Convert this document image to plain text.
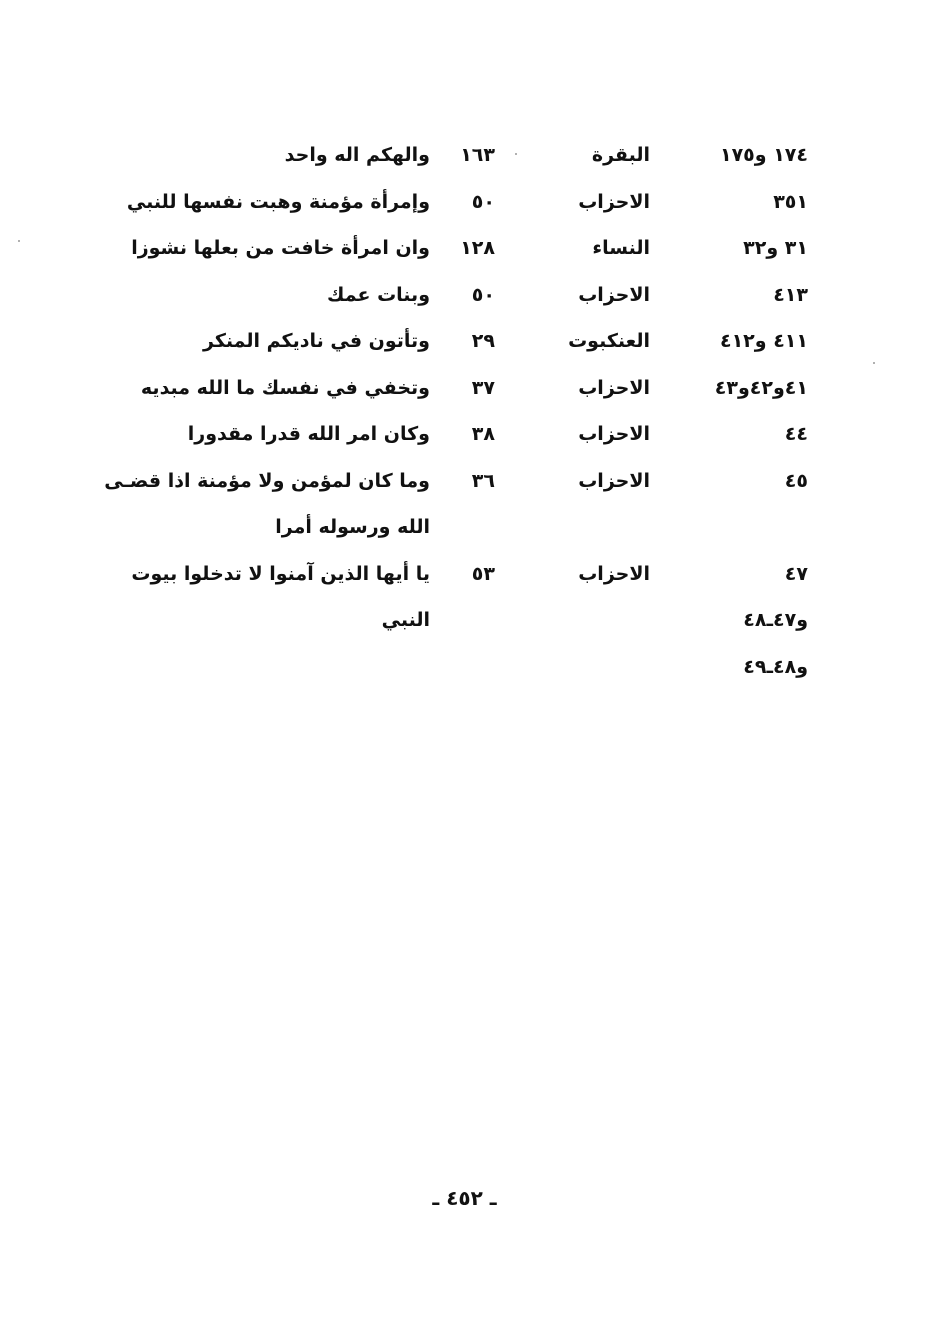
١٧٤ و١٧٥
البقرة
١٦٣
والهكم اله واحد
٣٥١
الاحزاب
٥٠
وإمرأة مؤمنة وهبت نفسها للنبي
٣١ و٣٢
النساء
١٢٨
وان امرأة خافت من بعلها نشوزا
٤١٣
الاحزاب
٥٠
وبنات عمك
٤١١ و٤١٢
العنكبوت
٢٩
وتأتون في ناديكم المنكر
٤١و٤٢و٤٣
الاحزاب
٣٧
وتخفي في نفسك ما الله مبديه
٤٤
الاحزاب
٣٨
وكان امر الله قدرا مقدورا
٤٥
الاحزاب
٣٦
وما كان لمؤمن ولا مؤمنة اذا قضـى
الله ورسوله أمرا
٤٧
الاحزاب
٥٣
يا أيها الذين آمنوا لا تدخلوا بيوت
و٤٧ـ٤٨
النبي
و٤٨ـ٤٩
ـ ٤٥٢ ـ
